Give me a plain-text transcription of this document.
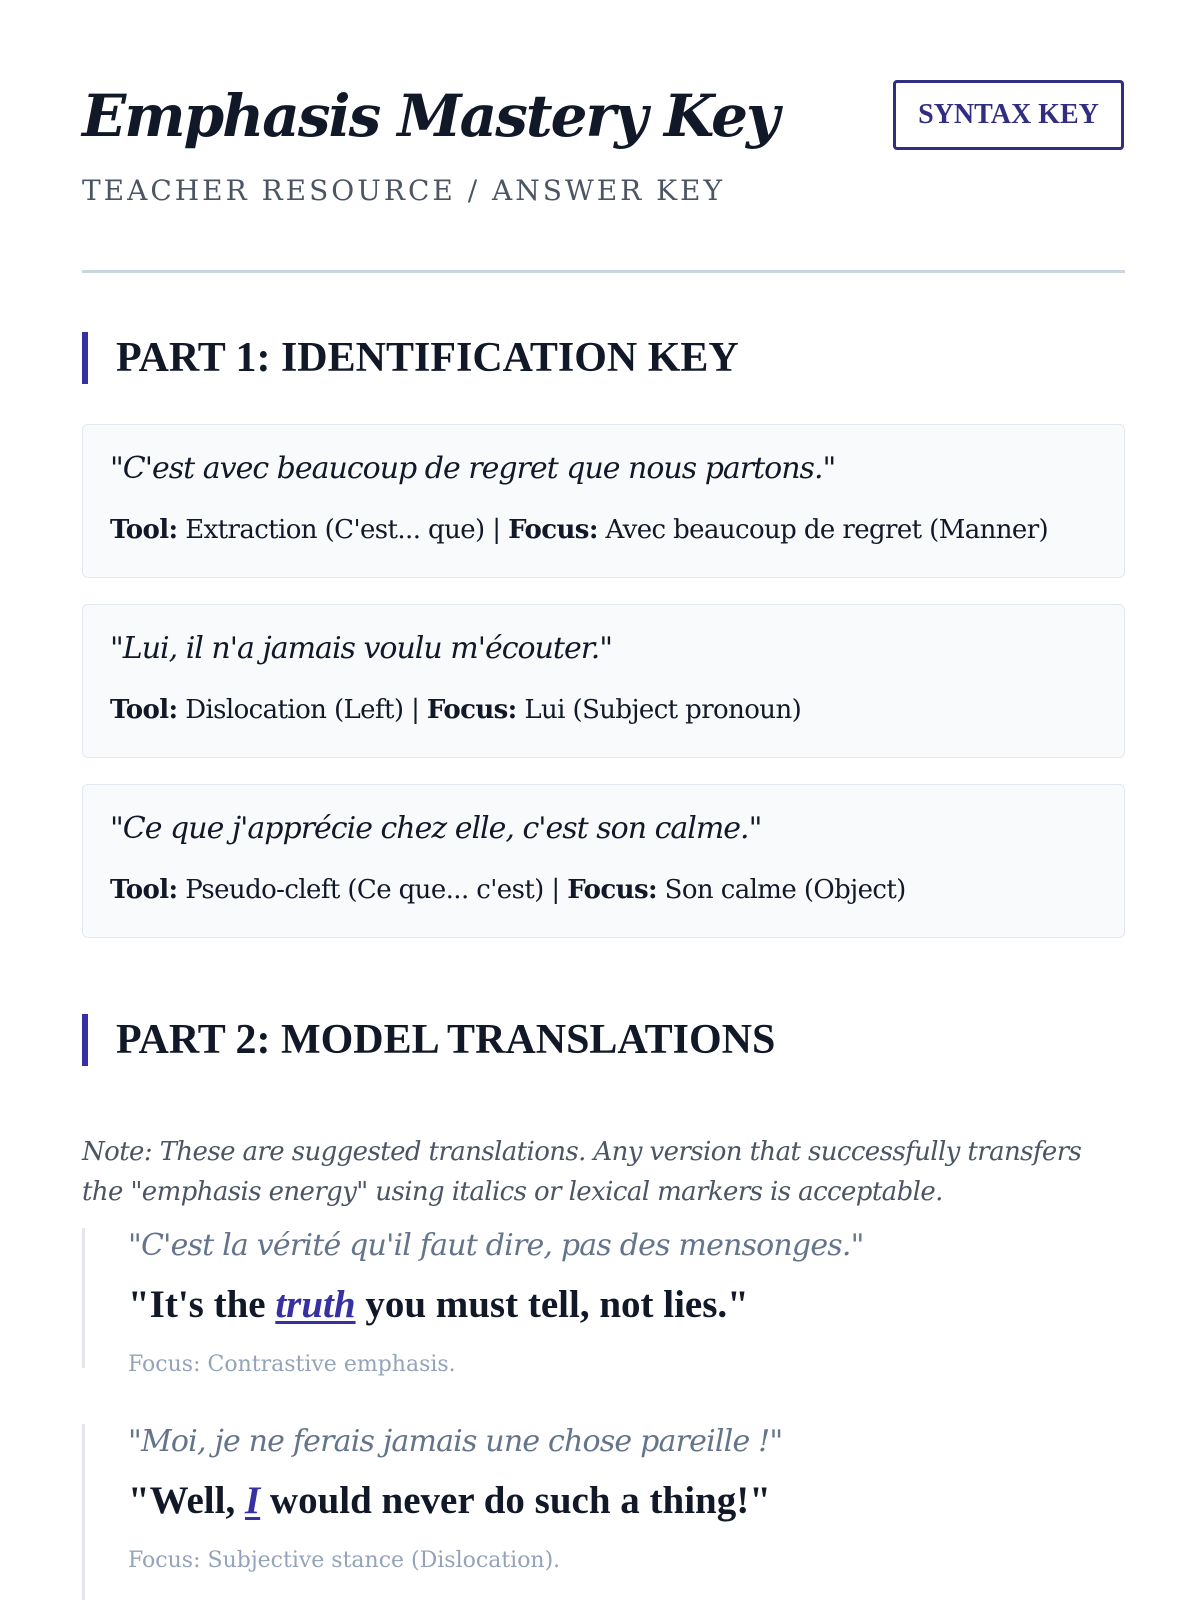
Emphasis Mastery Key

TEACHER RESOURCE / ANSWER KEY

SYNTAX KEY
PART 1: IDENTIFICATION KEY
"C'est avec beaucoup de regret que nous partons."
Tool: Extraction (C'est... que) | Focus: Avec beaucoup de regret (Manner)
"Lui, il n'a jamais voulu m'écouter."
Tool: Dislocation (Left) | Focus: Lui (Subject pronoun)
"Ce que j'apprécie chez elle, c'est son calme."
Tool: Pseudo-cleft (Ce que... c'est) | Focus: Son calme (Object)
PART 2: MODEL TRANSLATIONS

Note: These are suggested translations. Any version that successfully transfers the "emphasis energy" using italics or lexical markers is acceptable.

"C'est la vérité qu'il faut dire, pas des mensonges."
"It's the truth you must tell, not lies."
Focus: Contrastive emphasis.
"Moi, je ne ferais jamais une chose pareille !"
"Well, I would never do such a thing!"
Focus: Subjective stance (Dislocation).
